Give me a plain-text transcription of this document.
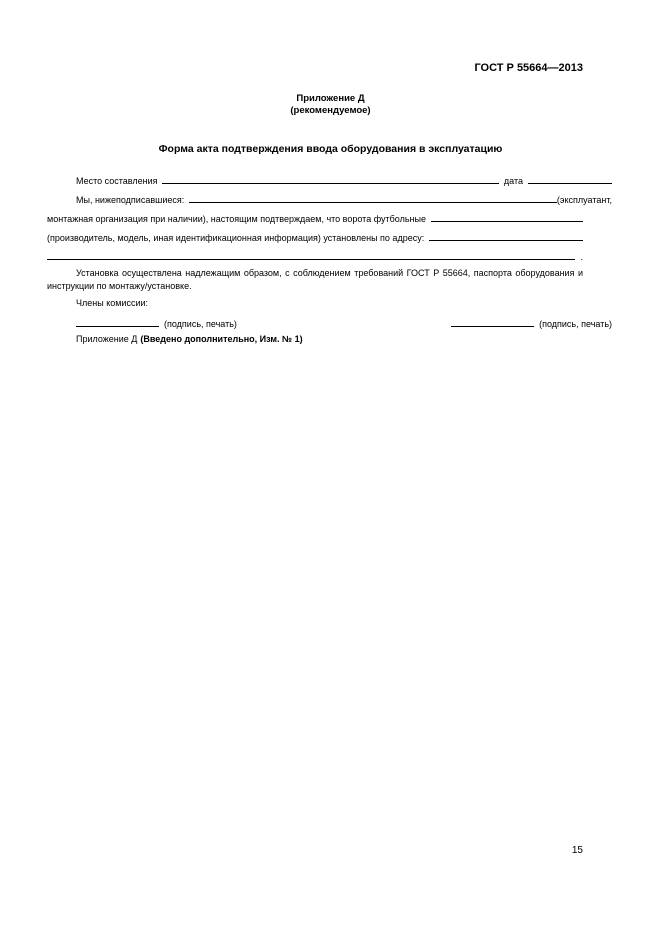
ГОСТ Р 55664—2013
Приложение Д
(рекомендуемое)
Форма акта подтверждения ввода оборудования в эксплуатацию
Место составления	дата
Мы, нижеподписавшиеся:	(эксплуатант,
монтажная организация при наличии), настоящим подтверждаем, что ворота футбольные
(производитель, модель, иная идентификационная информация) установлены по адресу:
.
Установка осуществлена надлежащим образом, с соблюдением требований ГОСТ Р 55664, паспорта оборудования и инструкции по монтажу/установке.
Члены комиссии:
(подпись, печать)	(подпись, печать)
Приложение Д (Введено дополнительно, Изм. № 1)
15
